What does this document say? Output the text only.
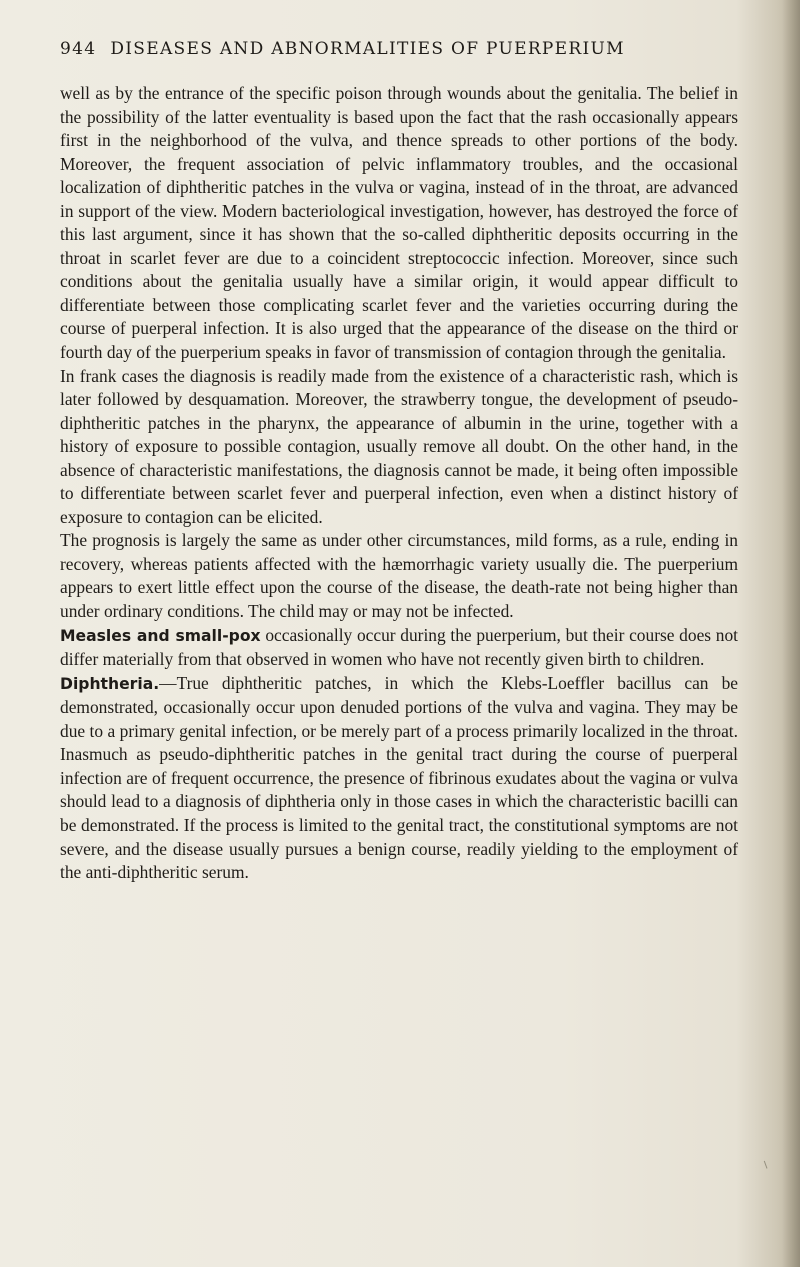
944 DISEASES AND ABNORMALITIES OF PUERPERIUM

well as by the entrance of the specific poison through wounds about the genitalia. The belief in the possibility of the latter eventuality is based upon the fact that the rash occasionally appears first in the neighborhood of the vulva, and thence spreads to other portions of the body. Moreover, the frequent association of pelvic inflammatory troubles, and the occasional localization of diphtheritic patches in the vulva or vagina, instead of in the throat, are advanced in support of the view. Modern bacteriological investigation, however, has destroyed the force of this last argument, since it has shown that the so-called diphtheritic deposits occurring in the throat in scarlet fever are due to a coincident streptococcic infection. Moreover, since such conditions about the genitalia usually have a similar origin, it would appear difficult to differentiate between those complicating scarlet fever and the varieties occurring during the course of puerperal infection. It is also urged that the appearance of the disease on the third or fourth day of the puerperium speaks in favor of transmission of contagion through the genitalia.

In frank cases the diagnosis is readily made from the existence of a characteristic rash, which is later followed by desquamation. Moreover, the strawberry tongue, the development of pseudo-diphtheritic patches in the pharynx, the appearance of albumin in the urine, together with a history of exposure to possible contagion, usually remove all doubt. On the other hand, in the absence of characteristic manifestations, the diagnosis cannot be made, it being often impossible to differentiate between scarlet fever and puerperal infection, even when a distinct history of exposure to contagion can be elicited.

The prognosis is largely the same as under other circumstances, mild forms, as a rule, ending in recovery, whereas patients affected with the hæmorrhagic variety usually die. The puerperium appears to exert little effect upon the course of the disease, the death-rate not being higher than under ordinary conditions. The child may or may not be infected.

Measles and small-pox occasionally occur during the puerperium, but their course does not differ materially from that observed in women who have not recently given birth to children.

Diphtheria.—True diphtheritic patches, in which the Klebs-Loeffler bacillus can be demonstrated, occasionally occur upon denuded portions of the vulva and vagina. They may be due to a primary genital infection, or be merely part of a process primarily localized in the throat. Inasmuch as pseudo-diphtheritic patches in the genital tract during the course of puerperal infection are of frequent occurrence, the presence of fibrinous exudates about the vagina or vulva should lead to a diagnosis of diphtheria only in those cases in which the characteristic bacilli can be demonstrated. If the process is limited to the genital tract, the constitutional symptoms are not severe, and the disease usually pursues a benign course, readily yielding to the employment of the anti-diphtheritic serum.
